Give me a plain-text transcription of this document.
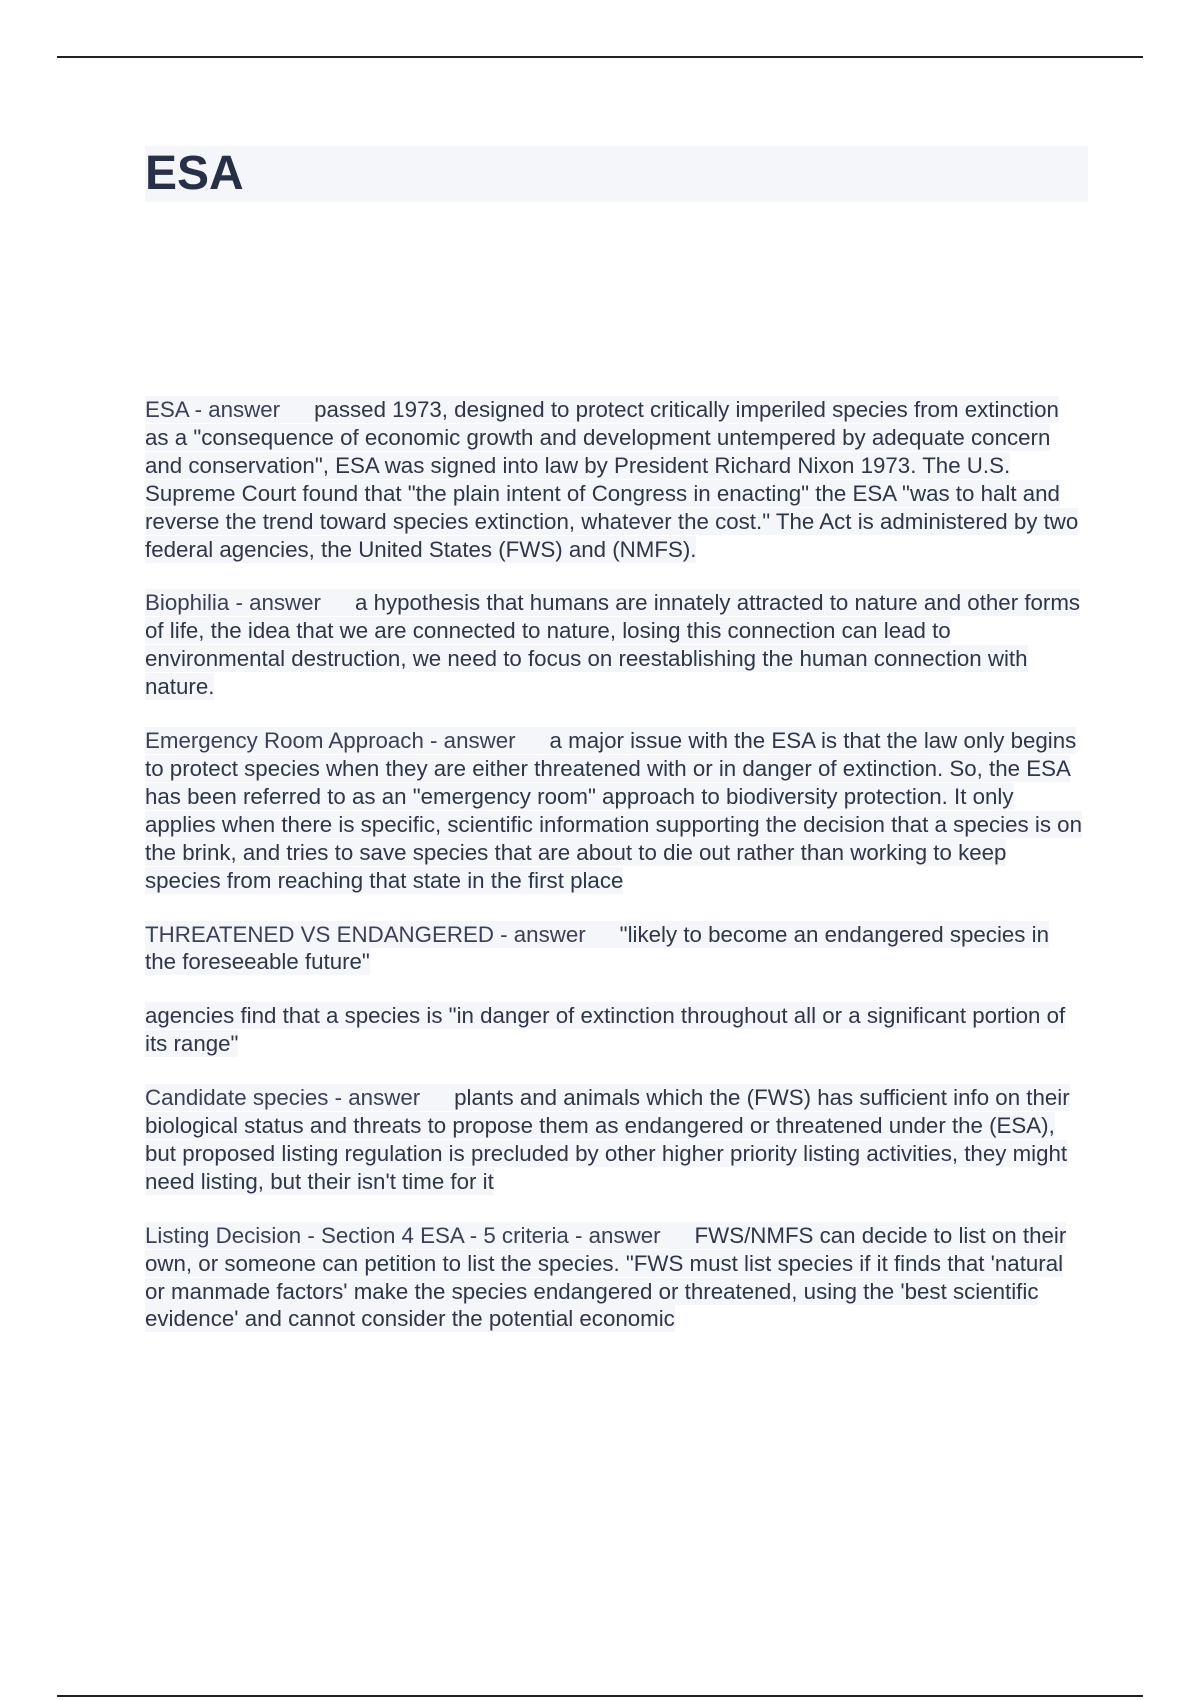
ESA

ESA - answer passed 1973, designed to protect critically imperiled species from extinction as a "consequence of economic growth and development untempered by adequate concern and conservation", ESA was signed into law by President Richard Nixon 1973. The U.S. Supreme Court found that "the plain intent of Congress in enacting" the ESA "was to halt and reverse the trend toward species extinction, whatever the cost." The Act is administered by two federal agencies, the United States (FWS) and (NMFS).

Biophilia - answer a hypothesis that humans are innately attracted to nature and other forms of life, the idea that we are connected to nature, losing this connection can lead to environmental destruction, we need to focus on reestablishing the human connection with nature.

Emergency Room Approach - answer a major issue with the ESA is that the law only begins to protect species when they are either threatened with or in danger of extinction. So, the ESA has been referred to as an "emergency room" approach to biodiversity protection. It only applies when there is specific, scientific information supporting the decision that a species is on the brink, and tries to save species that are about to die out rather than working to keep species from reaching that state in the first place

THREATENED VS ENDANGERED - answer "likely to become an endangered species in the foreseeable future"

agencies find that a species is "in danger of extinction throughout all or a significant portion of its range"

Candidate species - answer plants and animals which the (FWS) has sufficient info on their biological status and threats to propose them as endangered or threatened under the (ESA), but proposed listing regulation is precluded by other higher priority listing activities, they might need listing, but their isn't time for it

Listing Decision - Section 4 ESA - 5 criteria - answer FWS/NMFS can decide to list on their own, or someone can petition to list the species. "FWS must list species if it finds that 'natural or manmade factors' make the species endangered or threatened, using the 'best scientific evidence' and cannot consider the potential economic
